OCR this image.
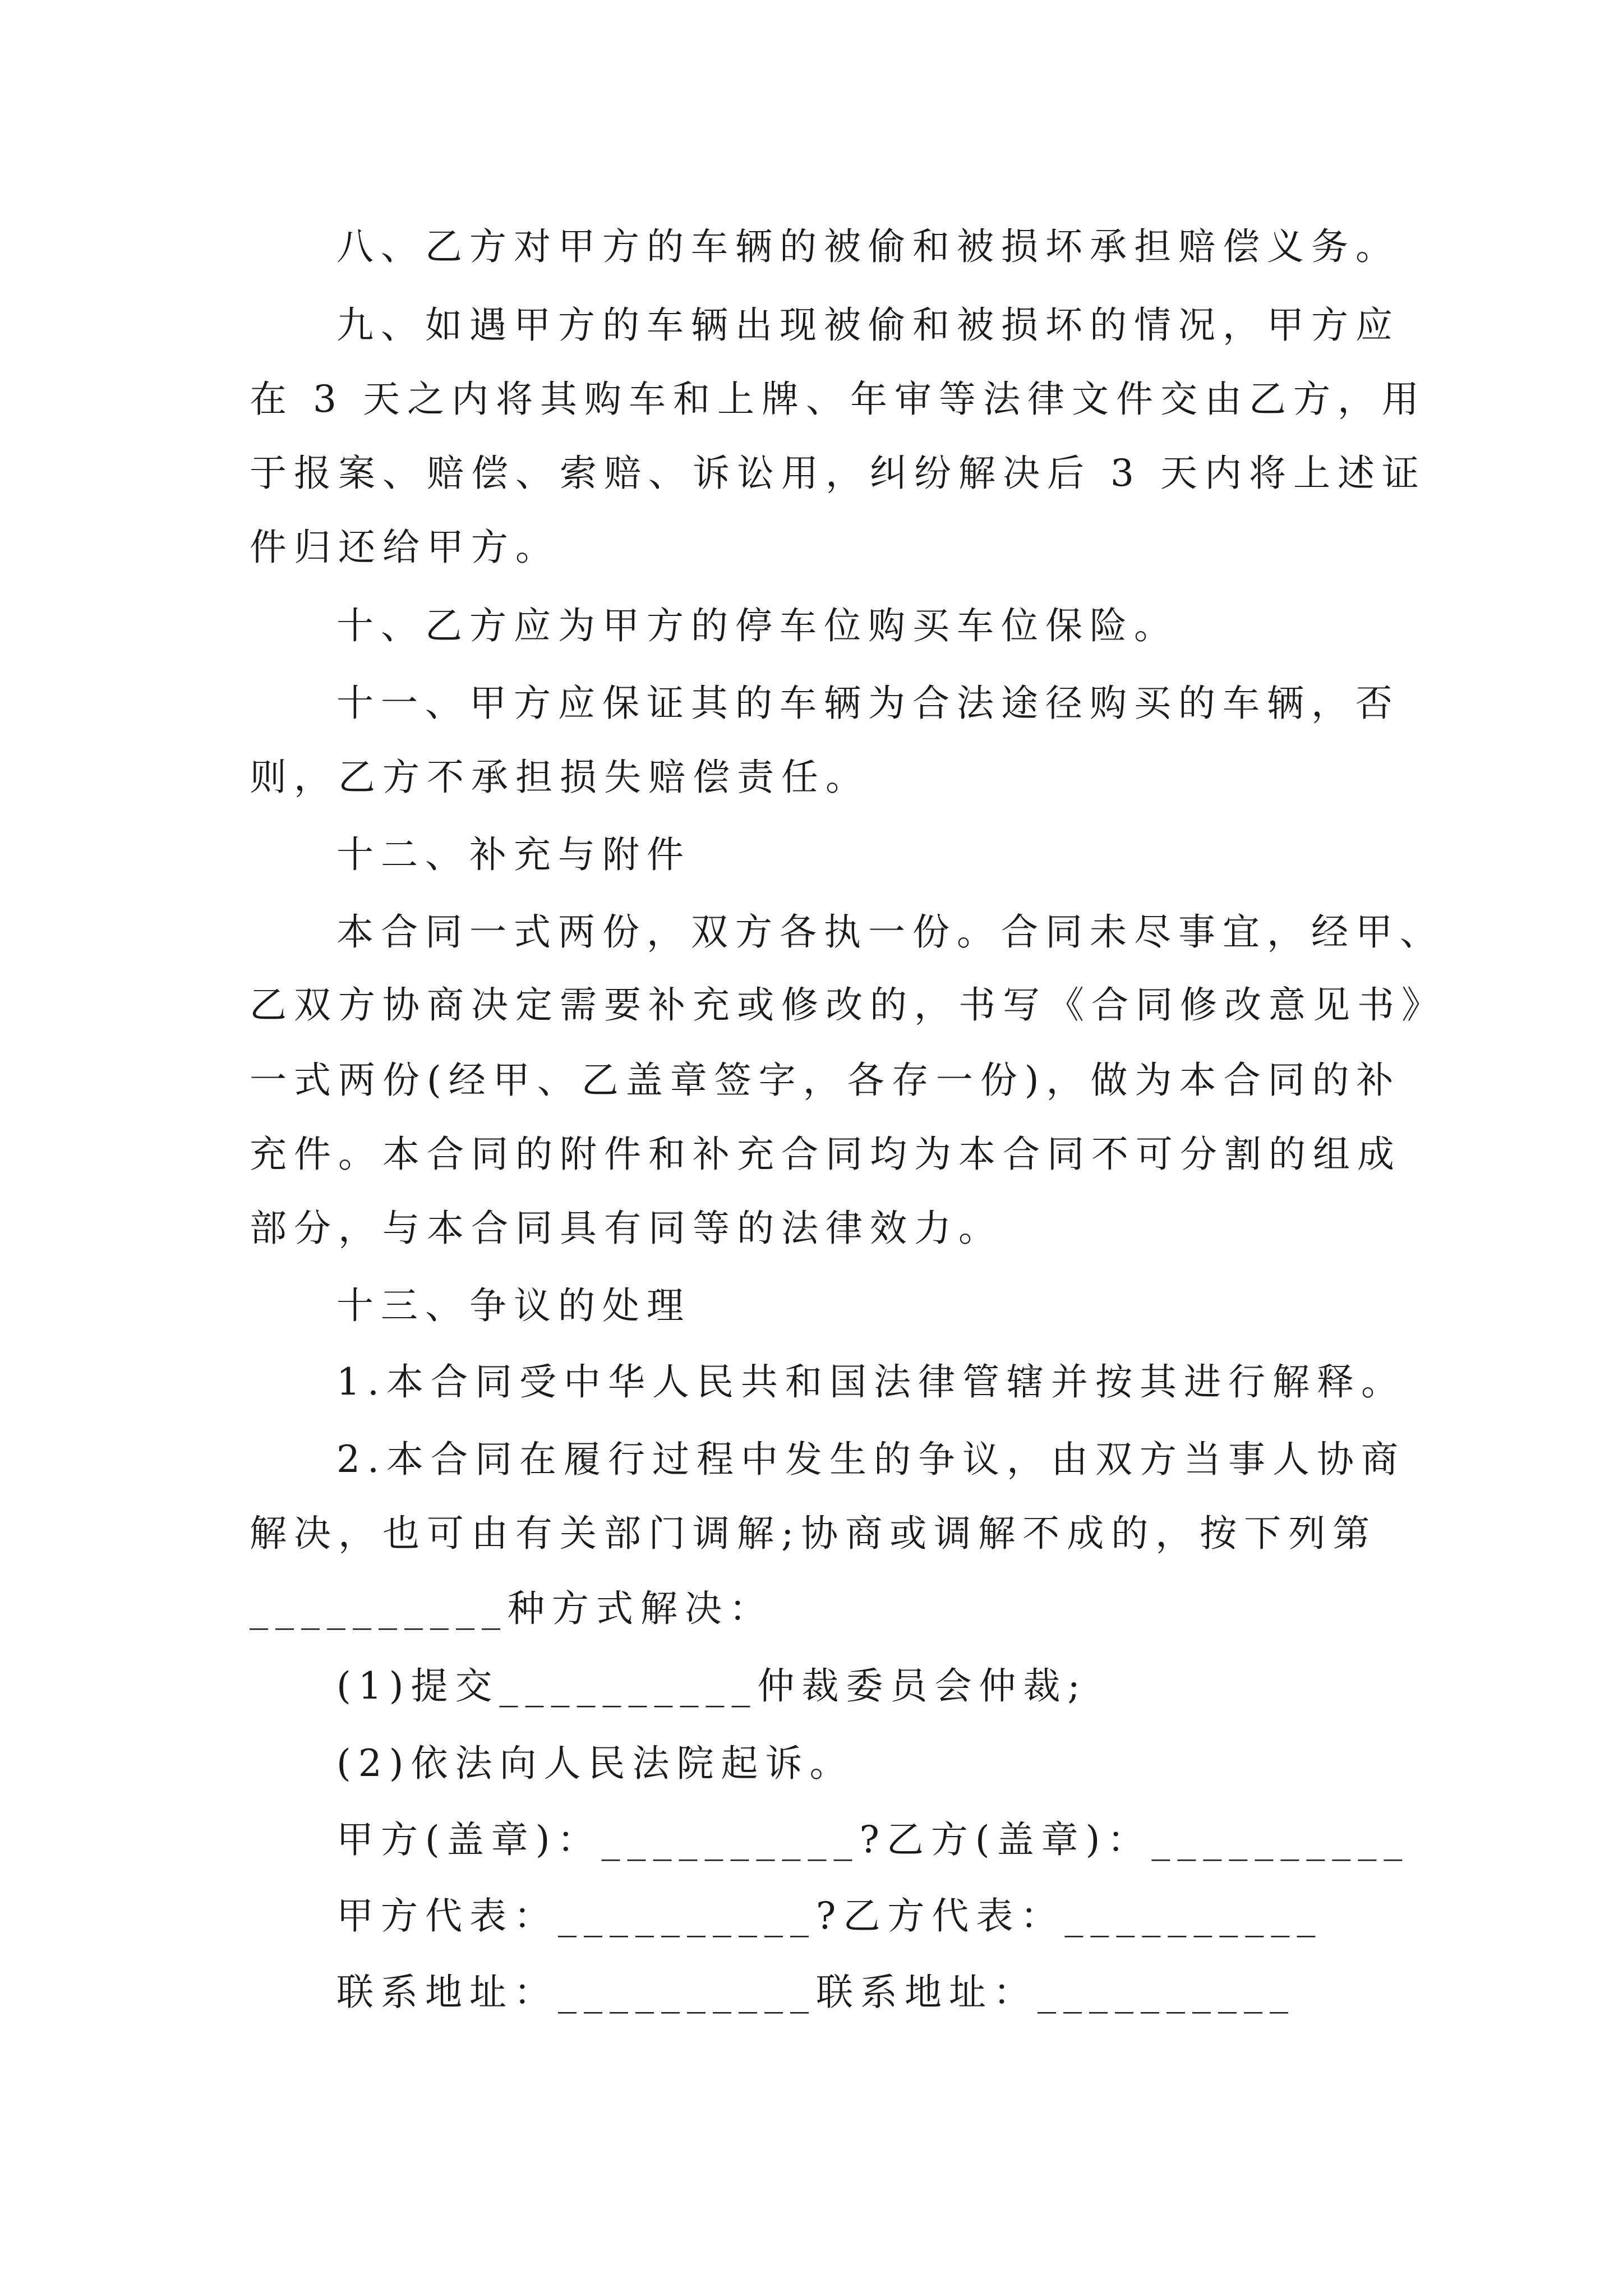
八、乙方对甲方的车辆的被偷和被损坏承担赔偿义务。
九、如遇甲方的车辆出现被偷和被损坏的情况，甲方应
在 3 天之内将其购车和上牌、年审等法律文件交由乙方，用
于报案、赔偿、索赔、诉讼用，纠纷解决后 3 天内将上述证
件归还给甲方。
十、乙方应为甲方的停车位购买车位保险。
十一、甲方应保证其的车辆为合法途径购买的车辆，否
则，乙方不承担损失赔偿责任。
十二、补充与附件
本合同一式两份，双方各执一份。合同未尽事宜，经甲、
乙双方协商决定需要补充或修改的，书写《合同修改意见书》
一式两份(经甲、乙盖章签字，各存一份)，做为本合同的补
充件。本合同的附件和补充合同均为本合同不可分割的组成
部分，与本合同具有同等的法律效力。
十三、争议的处理
1.本合同受中华人民共和国法律管辖并按其进行解释。
2.本合同在履行过程中发生的争议，由双方当事人协商
解决，也可由有关部门调解;协商或调解不成的，按下列第
__________种方式解决：
(1)提交__________仲裁委员会仲裁;
(2)依法向人民法院起诉。
甲方(盖章)：__________?乙方(盖章)：__________
甲方代表：__________?乙方代表：__________
联系地址：__________联系地址：__________
